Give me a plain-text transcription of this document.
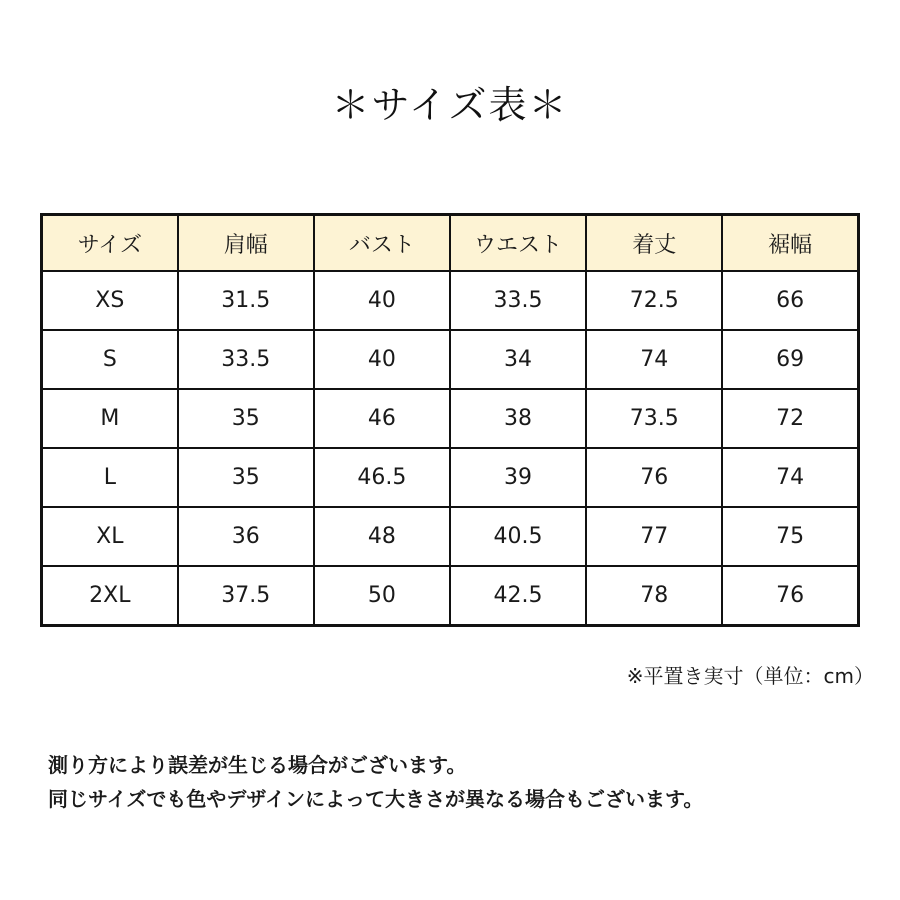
＊サイズ表＊
サイズ	肩幅	バスト	ウエスト	着丈	裾幅
XS	31.5	40	33.5	72.5	66
S	33.5	40	34	74	69
M	35	46	38	73.5	72
L	35	46.5	39	76	74
XL	36	48	40.5	77	75
2XL	37.5	50	42.5	78	76
※平置き実寸（単位：cm）
測り方により誤差が生じる場合がございます。
同じサイズでも色やデザインによって大きさが異なる場合もございます。
